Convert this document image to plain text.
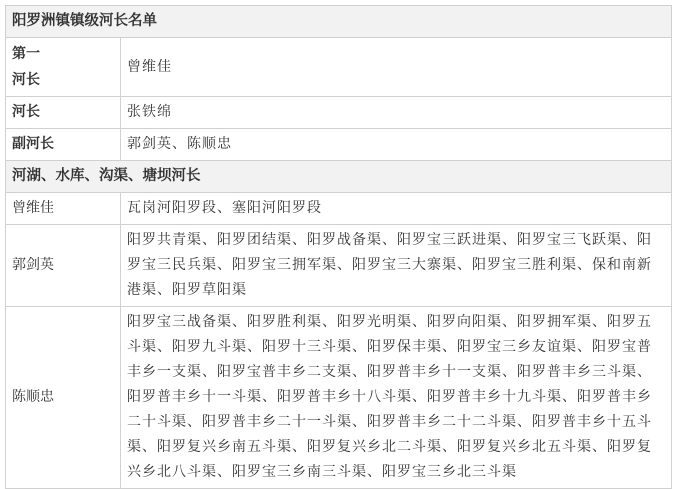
阳罗洲镇镇级河长名单	
第一河长	曾维佳
河长	张铁绵
副河长	郭剑英、陈顺忠
河湖、水库、沟渠、塘坝河长	
曾维佳	瓦岗河阳罗段、塞阳河阳罗段
郭剑英	阳罗共青渠、阳罗团结渠、阳罗战备渠、阳罗宝三跃进渠、阳罗宝三飞跃渠、阳罗宝三民兵渠、阳罗宝三拥军渠、阳罗宝三大寨渠、阳罗宝三胜利渠、保和南新港渠、阳罗草阳渠
陈顺忠	阳罗宝三战备渠、阳罗胜利渠、阳罗光明渠、阳罗向阳渠、阳罗拥军渠、阳罗五斗渠、阳罗九斗渠、阳罗十三斗渠、阳罗保丰渠、阳罗宝三乡友谊渠、阳罗宝普丰乡一支渠、阳罗宝普丰乡二支渠、阳罗普丰乡十一支渠、阳罗普丰乡三斗渠、阳罗普丰乡十一斗渠、阳罗普丰乡十八斗渠、阳罗普丰乡十九斗渠、阳罗普丰乡二十斗渠、阳罗普丰乡二十一斗渠、阳罗普丰乡二十二斗渠、阳罗普丰乡十五斗渠、阳罗复兴乡南五斗渠、阳罗复兴乡北二斗渠、阳罗复兴乡北五斗渠、阳罗复兴乡北八斗渠、阳罗宝三乡南三斗渠、阳罗宝三乡北三斗渠
